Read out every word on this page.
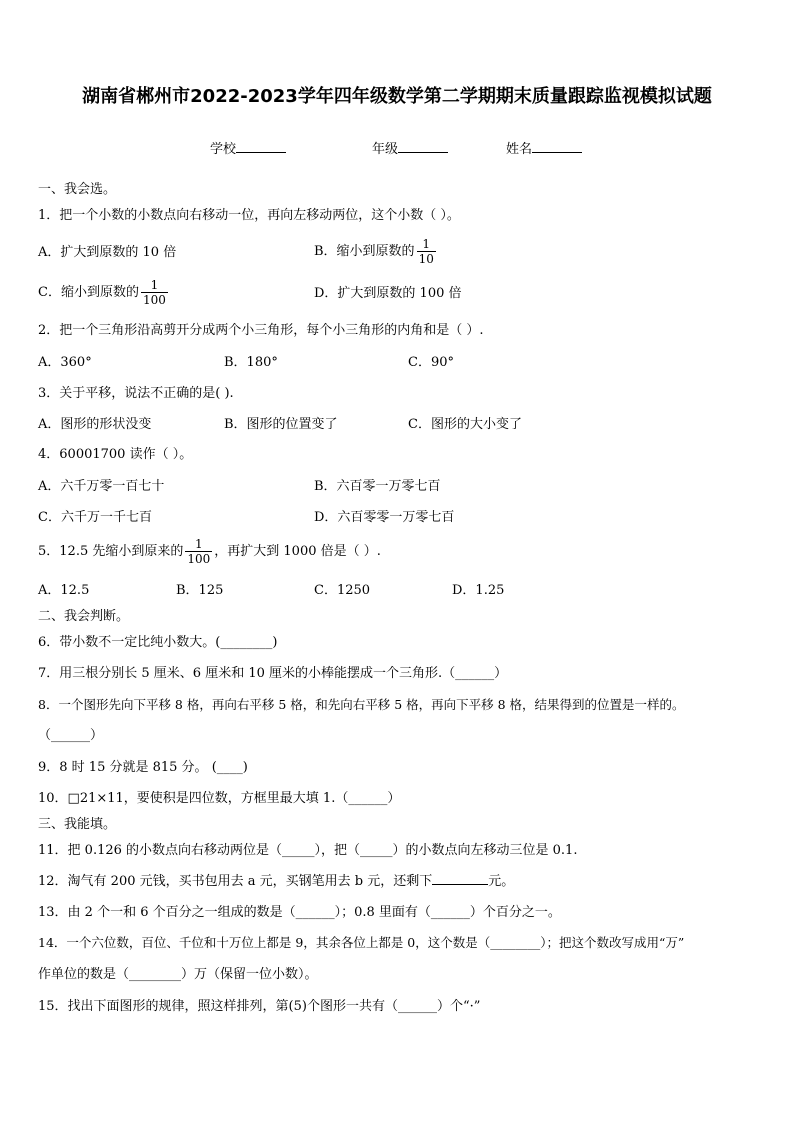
湖南省郴州市2022-2023学年四年级数学第二学期期末质量跟踪监视模拟试题
学校	年级	姓名
一、我会选。
1．把一个小数的小数点向右移动一位，再向左移动两位，这个小数（ ）。
A．扩大到原数的 10 倍	B．缩小到原数的 $\frac{1}{10}$
C．缩小到原数的 $\frac{1}{100}$	D．扩大到原数的 100 倍
2．把一个三角形沿高剪开分成两个小三角形，每个小三角形的内角和是（ ）.
A．360°	B．180°	C．90°
3．关于平移，说法不正确的是( ).
A．图形的形状没变	B．图形的位置变了	C．图形的大小变了
4．60001700 读作（ ）。
A．六千万零一百七十	B．六百零一万零七百
C．六千万一千七百	D．六百零零一万零七百
5．12.5 先缩小到原来的 $\frac{1}{100}$ ，再扩大到 1000 倍是（ ）.
A．12.5	B．125	C．1250	D．1.25
二、我会判断。
6．带小数不一定比纯小数大。(________)
7．用三根分别长 5 厘米、6 厘米和 10 厘米的小棒能摆成一个三角形.（______）
8．一个图形先向下平移 8 格，再向右平移 5 格，和先向右平移 5 格，再向下平移 8 格，结果得到的位置是一样的。
（______）
9．8 时 15 分就是 815 分。 (____)
10．□21×11，要使积是四位数，方框里最大填 1.（______）
三、我能填。
11．把 0.126 的小数点向右移动两位是（_____），把（_____）的小数点向左移动三位是 0.1.
12．淘气有 200 元钱，买书包用去 a 元，买钢笔用去 b 元，还剩下	元。
13．由 2 个一和 6 个百分之一组成的数是（______）；0.8 里面有（______）个百分之一。
14．一个六位数，百位、千位和十万位上都是 9，其余各位上都是 0，这个数是（________）；把这个数改写成用“万”
作单位的数是（________）万（保留一位小数）。
15．找出下面图形的规律，照这样排列，第(5)个图形一共有（______）个“·”
